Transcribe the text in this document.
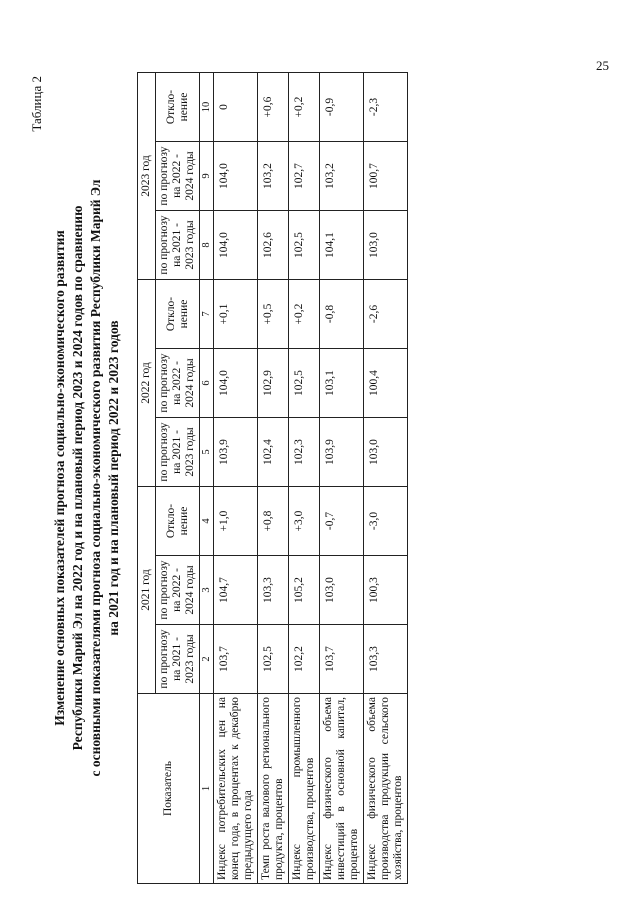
25
Таблица 2
Изменение основных показателей прогноза социально-экономического развития Республики Марий Эл на 2022 год и на плановый период 2023 и 2024 годов по сравнению с основными показателями прогноза социально-экономического развития Республики Марий Эл на 2021 год и на плановый период 2022 и 2023 годов
Показатель	2021 год			2022 год			2023 год		
	по прогнозу на 2021 - 2023 годы	по прогнозу на 2022 - 2024 годы	Откло-нение	по прогнозу на 2021 - 2023 годы	по прогнозу на 2022 - 2024 годы	Откло-нение	по прогнозу на 2021 - 2023 годы	по прогнозу на 2022 - 2024 годы	Откло-нение
1	2	3	4	5	6	7	8	9	10
Индекс потребительских цен на конец года, в процентах к декабрю предыдущего года	103,7	104,7	+1,0	103,9	104,0	+0,1	104,0	104,0	0
Темп роста валового регионального продукта, процентов	102,5	103,3	+0,8	102,4	102,9	+0,5	102,6	103,2	+0,6
Индекс промышленного производства, процентов	102,2	105,2	+3,0	102,3	102,5	+0,2	102,5	102,7	+0,2
Индекс физического объема инвестиций в основной капитал, процентов	103,7	103,0	-0,7	103,9	103,1	-0,8	104,1	103,2	-0,9
Индекс физического объема производства продукции сельского хозяйства, процентов	103,3	100,3	-3,0	103,0	100,4	-2,6	103,0	100,7	-2,3
